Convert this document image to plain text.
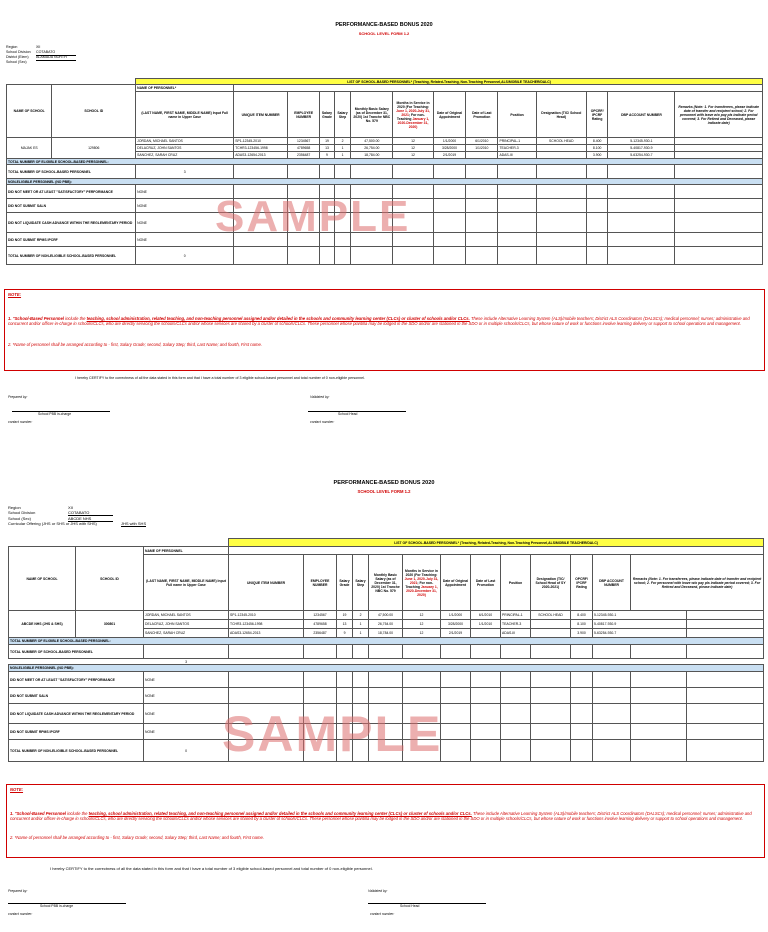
PERFORMANCE-BASED BONUS 2020
SCHOOL LEVEL FORM 1.2
Region	XII
School Division COTABATO
District (Elem) ALAMADA NORTH
School (Sec)
		LIST OF SCHOOL-BASED PERSONNEL* (Teaching, Related-Teaching, Non-Teaching Personnel,ALS/MOBILE TEACHER/DALC)													
NAME OF SCHOOL	SCHOOL ID	NAME OF PERSONNEL*													
		(LAST NAME, FIRST NAME, MIDDLE NAME) Input Full name in Upper Case	UNIQUE ITEM NUMBER	EMPLOYEE NUMBER	Salary Grade	Salary Step	Monthly Basic Salary (as of December 31, 2020) 1st Tranche NBC No. 579	Months in Service in 2020 (For Teaching: June 1, 2020-July 31, 2021; For non-Teaching January 1, 2020-December 31, 2020)	Date of Original Appointment	Date of Last Promotion	Position	Designation (TIC/ School Head)	OPCRF/ IPCRF Rating	DBP ACCOUNT NUMBER	Remarks (Note: 1. For transferees, please indicate date of transfer and recipient school; 2. For personnel with leave w/o pay pls indicate period covered; 3. For Retired and Deceased, please indicate date)
MAJAK ES	129806	JORDAN, MICHAEL SANTOS	SP1-12345-2010	1234567	19	2	47,500.00	12	1/1/2000	6/1/2010	PRINCIPAL-1	SCHOOL HEAD	8.400	5-12345-930-1	
		DELACRUZ, JOHN SANTOS	TCHR3-123456-1998	4789658	13	1	26,754.00	12	3/28/2000	1/1/2010	TEACHER-3		8.100	5-40817-930-9	
		SANCHEZ, SARAH CRUZ	ADAS3-12654-2013	2356487	9	1	18,784.00	12	2/1/2019		ADAS-III		3.900	5-63254-930-7	
TOTAL NUMBER OF ELIGIBLE SCHOOL-BASED PERSONNEL:															
TOTAL NUMBER OF SCHOOL-BASED PERSONNEL		3													
NON-ELIGIBLE PERSONNEL (NO PBB):															
DID NOT MEET OR AT LEAST "SATISFACTORY" PERFORMANCE		NONE													
DID NOT SUBMIT SALN		NONE													
DID NOT LIQUIDATE CASH ADVANCE WITHIN THE REGLEMENTARY PERIOD		NONE													
DID NOT SUBMIT RPMS IPCRF		NONE													
TOTAL NUMBER OF NON-ELIGIBLE SCHOOL-BASED PERSONNEL		0													
SAMPLE
NOTE:

1. "School-Based Personnel include the teaching, school administration, related teaching, and non-teaching personnel assigned and/or detailed in the schools and community learning center (CLCs) or cluster of schools and/or CLCs. These include Alternative Learning System (ALS)/mobile teachers; District ALS Coordinators (DALSCs); medical personnel; nurses; administrative and concurrent and/or officer-in-charge in schools/CLCs, who are directly servicing the schools/CLCs and/or whose services are shared by a cluster of schools/CLCs. These personnel whose plantilla may be lodged in the SDO and/or are stationed in the SDO or in multiple schools/CLCs, but whose nature of work or functions involve learning delivery or support to school operations and management.

2. *Name of personnel shall be arranged according to - first, Salary Grade; second, Salary Step; third, Last Name; and fourth, First name.

I hereby CERTIFY to the correctness of all the data stated in this form and that I have a total number of 3 eligible school-based personnel and total number of 0 non-eligible personnel.
Prepared by:
School PBB in-charge
contact number:
Validated by:
School Head
contact number:
PERFORMANCE-BASED BONUS 2020
SCHOOL LEVEL FORM 1.2
Region	XII
School Division	COTABATO
School (Sec)	ABCDE NHS
Curricular Offering (JHS or SHS or JHS with SHS)	JHS with SHS
			LIST OF SCHOOL-BASED PERSONNEL* (Teaching, Related-Teaching, Non-Teaching Personnel,ALS/MOBILE TEACHER/DALC)													
NAME OF SCHOOL	SCHOOL ID	NAME OF PERSONNEL														
		(LAST NAME, FIRST NAME, MIDDLE NAME) Input Full name in Upper Case	UNIQUE ITEM NUMBER	EMPLOYEE NUMBER	Salary Grade	Salary Step	Monthly Basic Salary (as of December 31, 2020) 1st Tranche NBC No. 579	Months in Service in 2020 (For Teaching: June 1, 2020-July 31, 2021; For non-Teaching January 1, 2020-December 31, 2020)	Date of Original Appointment	Date of Last Promotion	Position	Designation (TIC/ School Head of SY 2020-2021)	OPCRF/ IPCRF Rating	DBP ACCOUNT NUMBER	Remarks (Note: 1. For transferees, please indicate date of transfer and recipient school; 2. For personnel with leave w/o pay pls indicate period covered; 3. For Retired and Deceased, please indicate date)	
ABCDE NHS (JHS & SHS)	300801	JORDAN, MICHAEL SANTOS	SP1-12345-2010	1234567	19	2	47,500.00	12	1/1/2000	6/1/2010	PRINCIPAL-1	SCHOOL HEAD	8.400	5-12345-930-1		
		DELACRUZ, JOHN SANTOS	TCHR3-123456-1998	4789658	13	1	26,754.00	12	3/28/2000	1/1/2010	TEACHER-3		8.100	5-40817-930-9		
		SANCHEZ, SARAH CRUZ	ADAS3-12654-2013	2356487	9	1	18,784.00	12	2/1/2019		ADAS-III		3.900	5-63254-930-7		
TOTAL NUMBER OF ELIGIBLE SCHOOL-BASED PERSONNEL:																
TOTAL NUMBER OF SCHOOL-BASED PERSONNEL																
		3														
NON-ELIGIBLE PERSONNEL (NO PBB):																
DID NOT MEET OR AT LEAST "SATISFACTORY" PERFORMANCE		NONE														
DID NOT SUBMIT SALN		NONE														
DID NOT LIQUIDATE CASH ADVANCE WITHIN THE REGLEMENTARY PERIOD		NONE														
DID NOT SUBMIT RPMS IPCRF		NONE														
TOTAL NUMBER OF NON-ELIGIBLE SCHOOL-BASED PERSONNEL		0														SAMPLE
NOTE:

1. "School-Based Personnel include the teaching, school administration, related teaching, and non-teaching personnel assigned and/or detailed in the schools and community learning center (CLCs) or cluster of schools and/or CLCs. These include Alternative Learning System (ALS)/mobile teachers; District ALS Coordinators (DALSCs); medical personnel; nurses; administrative and concurrent and/or officer-in-charge in schools/CLCs, who are directly servicing the schools/CLCs and/or whose services are shared by a cluster of schools/CLCs. These personnel whose plantilla may be lodged in the SDO and/or are stationed in the SDO or in multiple schools/CLCs, but whose nature of work or functions involve learning delivery or support to school operations and management.

2. *Name of personnel shall be arranged according to - first, Salary Grade; second, Salary Step; third, Last Name; and fourth, First name.

I hereby CERTIFY to the correctness of all the data stated in this form and that I have a total number of 3 eligible school-based personnel and total number of 0 non-eligible personnel.
Prepared by:
School PBB in-charge
contact number:
Validated by:
School Head
contact number:
